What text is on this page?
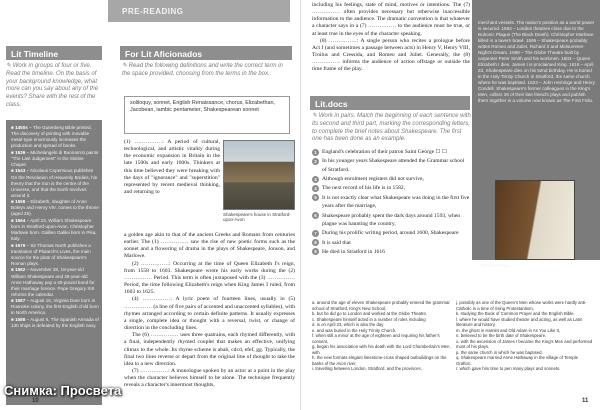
PRE-READING
Lit Timeline
✎ Work in groups of four or five. Read the timeline. On the basis of your background knowledge, what more can you say about any of the events? Share with the rest of the class.

■ 1450s – The Gutenberg Bible printed. The discovery of printing with movable metal-type enormously increases the production and spread of books.

■ 1536 – Michelangelo di Buonarroti paints "The Last Judgement" in the Sistine Chapel.

■ 1543 – Nicolaus Copernicus publishes On the Revolution of Heavenly Bodies, his theory that the Sun is the centre of the Universe, and that the Earth revolves around it.

■ 1558 – Elizabeth, daughter of Anne Boleyn and Henry VIII, comes to the throne (aged 25).

■ 1564 – April 23, William Shakespeare born in Stratford-upon-Avon. Christopher Marlowe born. Galileo Galilei born in Pisa, Italy.

■ 1579 – Sir Thomas North publishes a translation of Plutarch's Lives, the main source for the plots of Shakespeare's Roman plays.

■ 1582 – November 28, 18-year-old William Shakespeare and 26-year-old Anne Hathaway pay a 40-pound bond for their marriage licence. Pope Gregory XIII reforms the calendar.

■ 1587 – August 18, Virginia Dare born in Roanoke colony, the first English child born in North America.

■ 1588 – August 8, The Spanish Armada of 130 ships is defeated by the English navy.

10
For Lit Aficionados
✎ Read the following definitions and write the correct term in the space provided, choosing from the terms in the box.
soliloquy, sonnet, English Renaissance, chorus, Elizabethan, Jacobean, iambic pentameter, Shakespearean sonnet
(1) ……………: A period of cultural, technological, and artistic vitality during the economic expansion in Britain in the late 1500s and early 1600s. Thinkers at this time believed they were breaking with the days of "ignorance" and "superstition" represented by recent medieval thinking, and returning to
Shakespeare's house in Stratford-upon-Avon

a golden age akin to that of the ancient Greeks and Romans from centuries earlier. The (1) …………… saw the rise of new poetic forms such as the sonnet and a flowering of drama in the plays of Shakespeare, Jonson, and Marlowe.

(2) ……………: Occurring at the time of Queen Elizabeth I's reign, from 1558 to 1603. Shakespeare wrote his early works during the (2) …………… Period. This term is often juxtaposed with the (3) …………… Period, the time following Elizabeth's reign when King James I ruled, from 1603 to 1625.

(4) ……………: A lyric poem of fourteen lines, usually in (5) …………… (a line of five pairs of accented and unaccented syllables), with rhymes arranged according to certain definite patterns. It usually expresses a single, complete idea or thought with a reversal, twist, or change of direction in the concluding lines.

The (6) …………… uses three quatrains, each rhymed differently, with a final, independently rhymed couplet that makes an effective, unifying climax to the whole. Its rhyme scheme is abab, cdcd, efef, gg. Typically, the final two lines reverse or depart from the original line of thought to take the idea to a new direction.

(7) ……………: A monologue spoken by an actor at a point in the play when the character believes himself to be alone. The technique frequently reveals a character's innermost thoughts,

including his feelings, state of mind, motives or intentions. The (7) …………… often provides necessary but otherwise inaccessible information to the audience. The dramatic convention is that whatever a character says in a (7) …………… to the audience must be true, or at least true in the eyes of the character speaking.

(8) ……………: A single person who recites a prologue before Act I (and sometimes a passage between acts) in Henry V, Henry VIII, Troilus and Cressida, and Romeo and Juliet. Generally, the (8) …………… informs the audience of action offstage or outside the time frame of the play.

Lit.docs
✎ Work in pairs. Match the beginning of each sentence with its second and third part, marking the corresponding letters, to complete the brief notes about Shakespeare. The first one has been done as an example.
1 England's celebration of their patron Saint George ☐ ☐
2 In his younger years Shakespeare attended the Grammar school of Stratford.
3 Although enrolment registers did not survive,
4 The next record of his life is in 1582,
5 It is not exactly clear what Shakespeare was doing in the first five years after the marriage,
6 Shakespeare probably spent the dark days around 1593, when plague was haunting the country,
7 During his prolific writing period, around 1600, Shakespeare
8 It is said that
9 He died in Stratford in 1616

a. around the age of eleven Shakespeare probably entered the grammar school of Stratford, King's New School,

b. but he did go to London and worked at the Globe Theatre.

c. Shakespeare himself acted in a number of roles including

d. is on April 23, which is also the day

e. and was buried in the Holy Trinity Church.

f. when still a minor at the age of eighteen and requiring his father's consent,

g. began his association with his death with the Lord Chamberlain's Men, with

h. the new formats elegant limestone-cross shaped outbuildings on the banks of the Avon river,

i. travelling between London, Stratford, and the provinces,

j. possibly as one of the Queen's Men whose works were hardly anti-Catholic in a time of rising Protestantism,

k. studying the Book of Common Prayer and the English Bible.

l. where he would have studied theatre and acting, as well as Latin literature and history.

m. the ghost in Hamlet and Old Adam in As You Like It,

n. believed to be the birth date of Shakespeare.

o. with the ascension of James I became the King's Men and performed most of his plays.

p. the same church in which he was baptised.

q. Shakespeare married Anne Hathaway in the village of Temple Grafton.

r. which gave him time to pen many plays and sonnets.

merchant vessels. The nation's position as a world power is secured. 1593 – London theatres close due to the Bubonic Plague (The Black Death). Christopher Marlowe killed in a tavern brawl. 1595 – Shakespeare probably writes Romeo and Juliet, Richard II and Midsummer Night's Dream. 1598 – The Globe Theatre built by carpenter Peter Smith and his workmen. 1603 – Queen Elizabeth I dies. James I is proclaimed King. 1616 – April 23, Shakespeare dies on his 52nd birthday. He is buried in the Holy Trinity Church in Stratford, the same church where he was baptised. 1623 – John Heminge and Henry Condell, Shakespeare's former colleagues in the King's Men, collect 36 of their late friend's plays and publish them together in a volume now known as The First Folio.
The First Folio
11
Снимка: Просвета
